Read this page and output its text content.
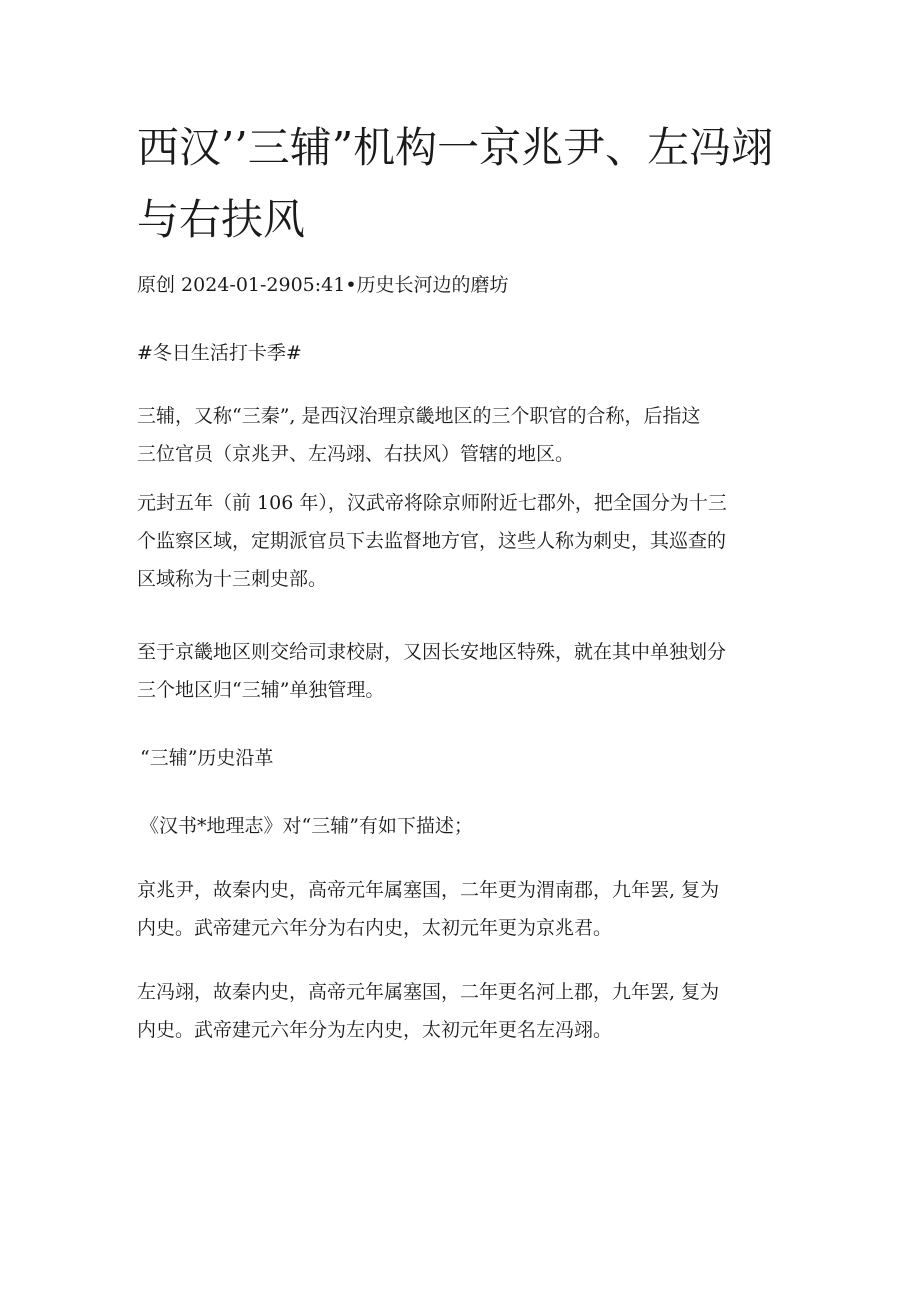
西汉’’三辅”机构一京兆尹、左冯翊与右扶风

原创 2024-01-2905:41•历史长河边的磨坊

#冬日生活打卡季#

三辅，又称“三秦”, 是西汉治理京畿地区的三个职官的合称，后指这
三位官员（京兆尹、左冯翊、右扶风）管辖的地区。
元封五年（前 106 年），汉武帝将除京师附近七郡外，把全国分为十三
个监察区域，定期派官员下去监督地方官，这些人称为刺史，其巡查的
区域称为十三刺史部。
至于京畿地区则交给司隶校尉，又因长安地区特殊，就在其中单独划分
三个地区归“三辅”单独管理。
“三辅”历史沿革
《汉书*地理志》对“三辅”有如下描述；
京兆尹，故秦内史，高帝元年属塞国，二年更为渭南郡，九年罢, 复为
内史。武帝建元六年分为右内史，太初元年更为京兆君。
左冯翊，故秦内史，高帝元年属塞国，二年更名河上郡，九年罢, 复为
内史。武帝建元六年分为左内史，太初元年更名左冯翊。
